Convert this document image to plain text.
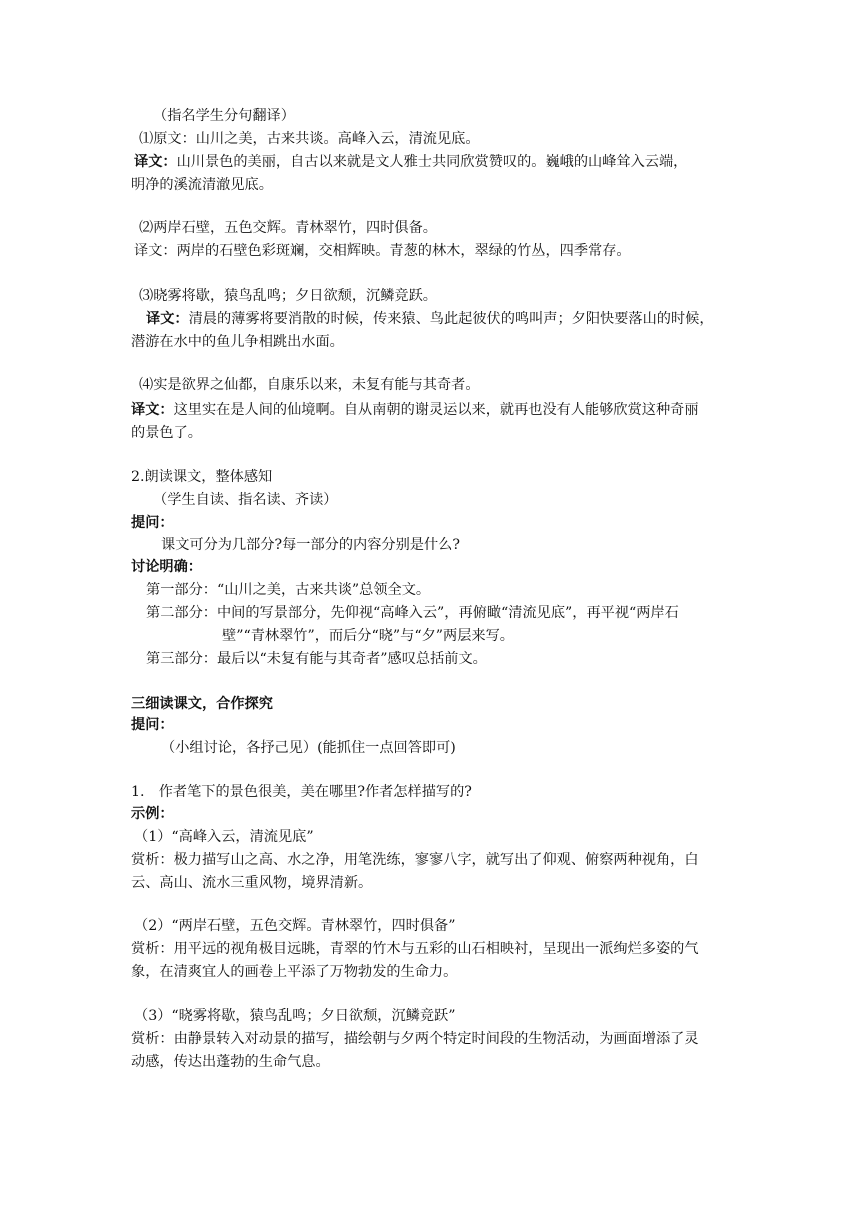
（指名学生分句翻译）
⑴原文：山川之美，古来共谈。高峰入云，清流见底。
译文：山川景色的美丽，自古以来就是文人雅士共同欣赏赞叹的。巍峨的山峰耸入云端，
明净的溪流清澈见底。
⑵两岸石壁，五色交辉。青林翠竹，四时俱备。
译文：两岸的石壁色彩斑斓，交相辉映。青葱的林木，翠绿的竹丛，四季常存。
⑶晓雾将歇，猿鸟乱鸣；夕日欲颓，沉鳞竞跃。
译文：清晨的薄雾将要消散的时候，传来猿、鸟此起彼伏的鸣叫声；夕阳快要落山的时候，
潜游在水中的鱼儿争相跳出水面。
⑷实是欲界之仙都，自康乐以来，未复有能与其奇者。
译文：这里实在是人间的仙境啊。自从南朝的谢灵运以来，就再也没有人能够欣赏这种奇丽
的景色了。
2.朗读课文，整体感知
（学生自读、指名读、齐读）
提问：
课文可分为几部分?每一部分的内容分别是什么?
讨论明确：
第一部分：“山川之美，古来共谈”总领全文。
第二部分：中间的写景部分，先仰视“高峰入云”，再俯瞰“清流见底”，再平视“两岸石
壁”“青林翠竹”，而后分“晓”与“夕”两层来写。
第三部分：最后以“未复有能与其奇者”感叹总括前文。
三细读课文，合作探究
提问：
（小组讨论，各抒己见）(能抓住一点回答即可)
1.　作者笔下的景色很美，美在哪里?作者怎样描写的?
示例：
（1）“高峰入云，清流见底”
赏析：极力描写山之高、水之净，用笔洗练，寥寥八字，就写出了仰观、俯察两种视角，白
云、高山、流水三重风物，境界清新。
（2）“两岸石壁，五色交辉。青林翠竹，四时俱备”
赏析：用平远的视角极目远眺，青翠的竹木与五彩的山石相映衬，呈现出一派绚烂多姿的气
象，在清爽宜人的画卷上平添了万物勃发的生命力。
（3）“晓雾将歇，猿鸟乱鸣；夕日欲颓，沉鳞竞跃”
赏析：由静景转入对动景的描写，描绘朝与夕两个特定时间段的生物活动，为画面增添了灵
动感，传达出蓬勃的生命气息。
